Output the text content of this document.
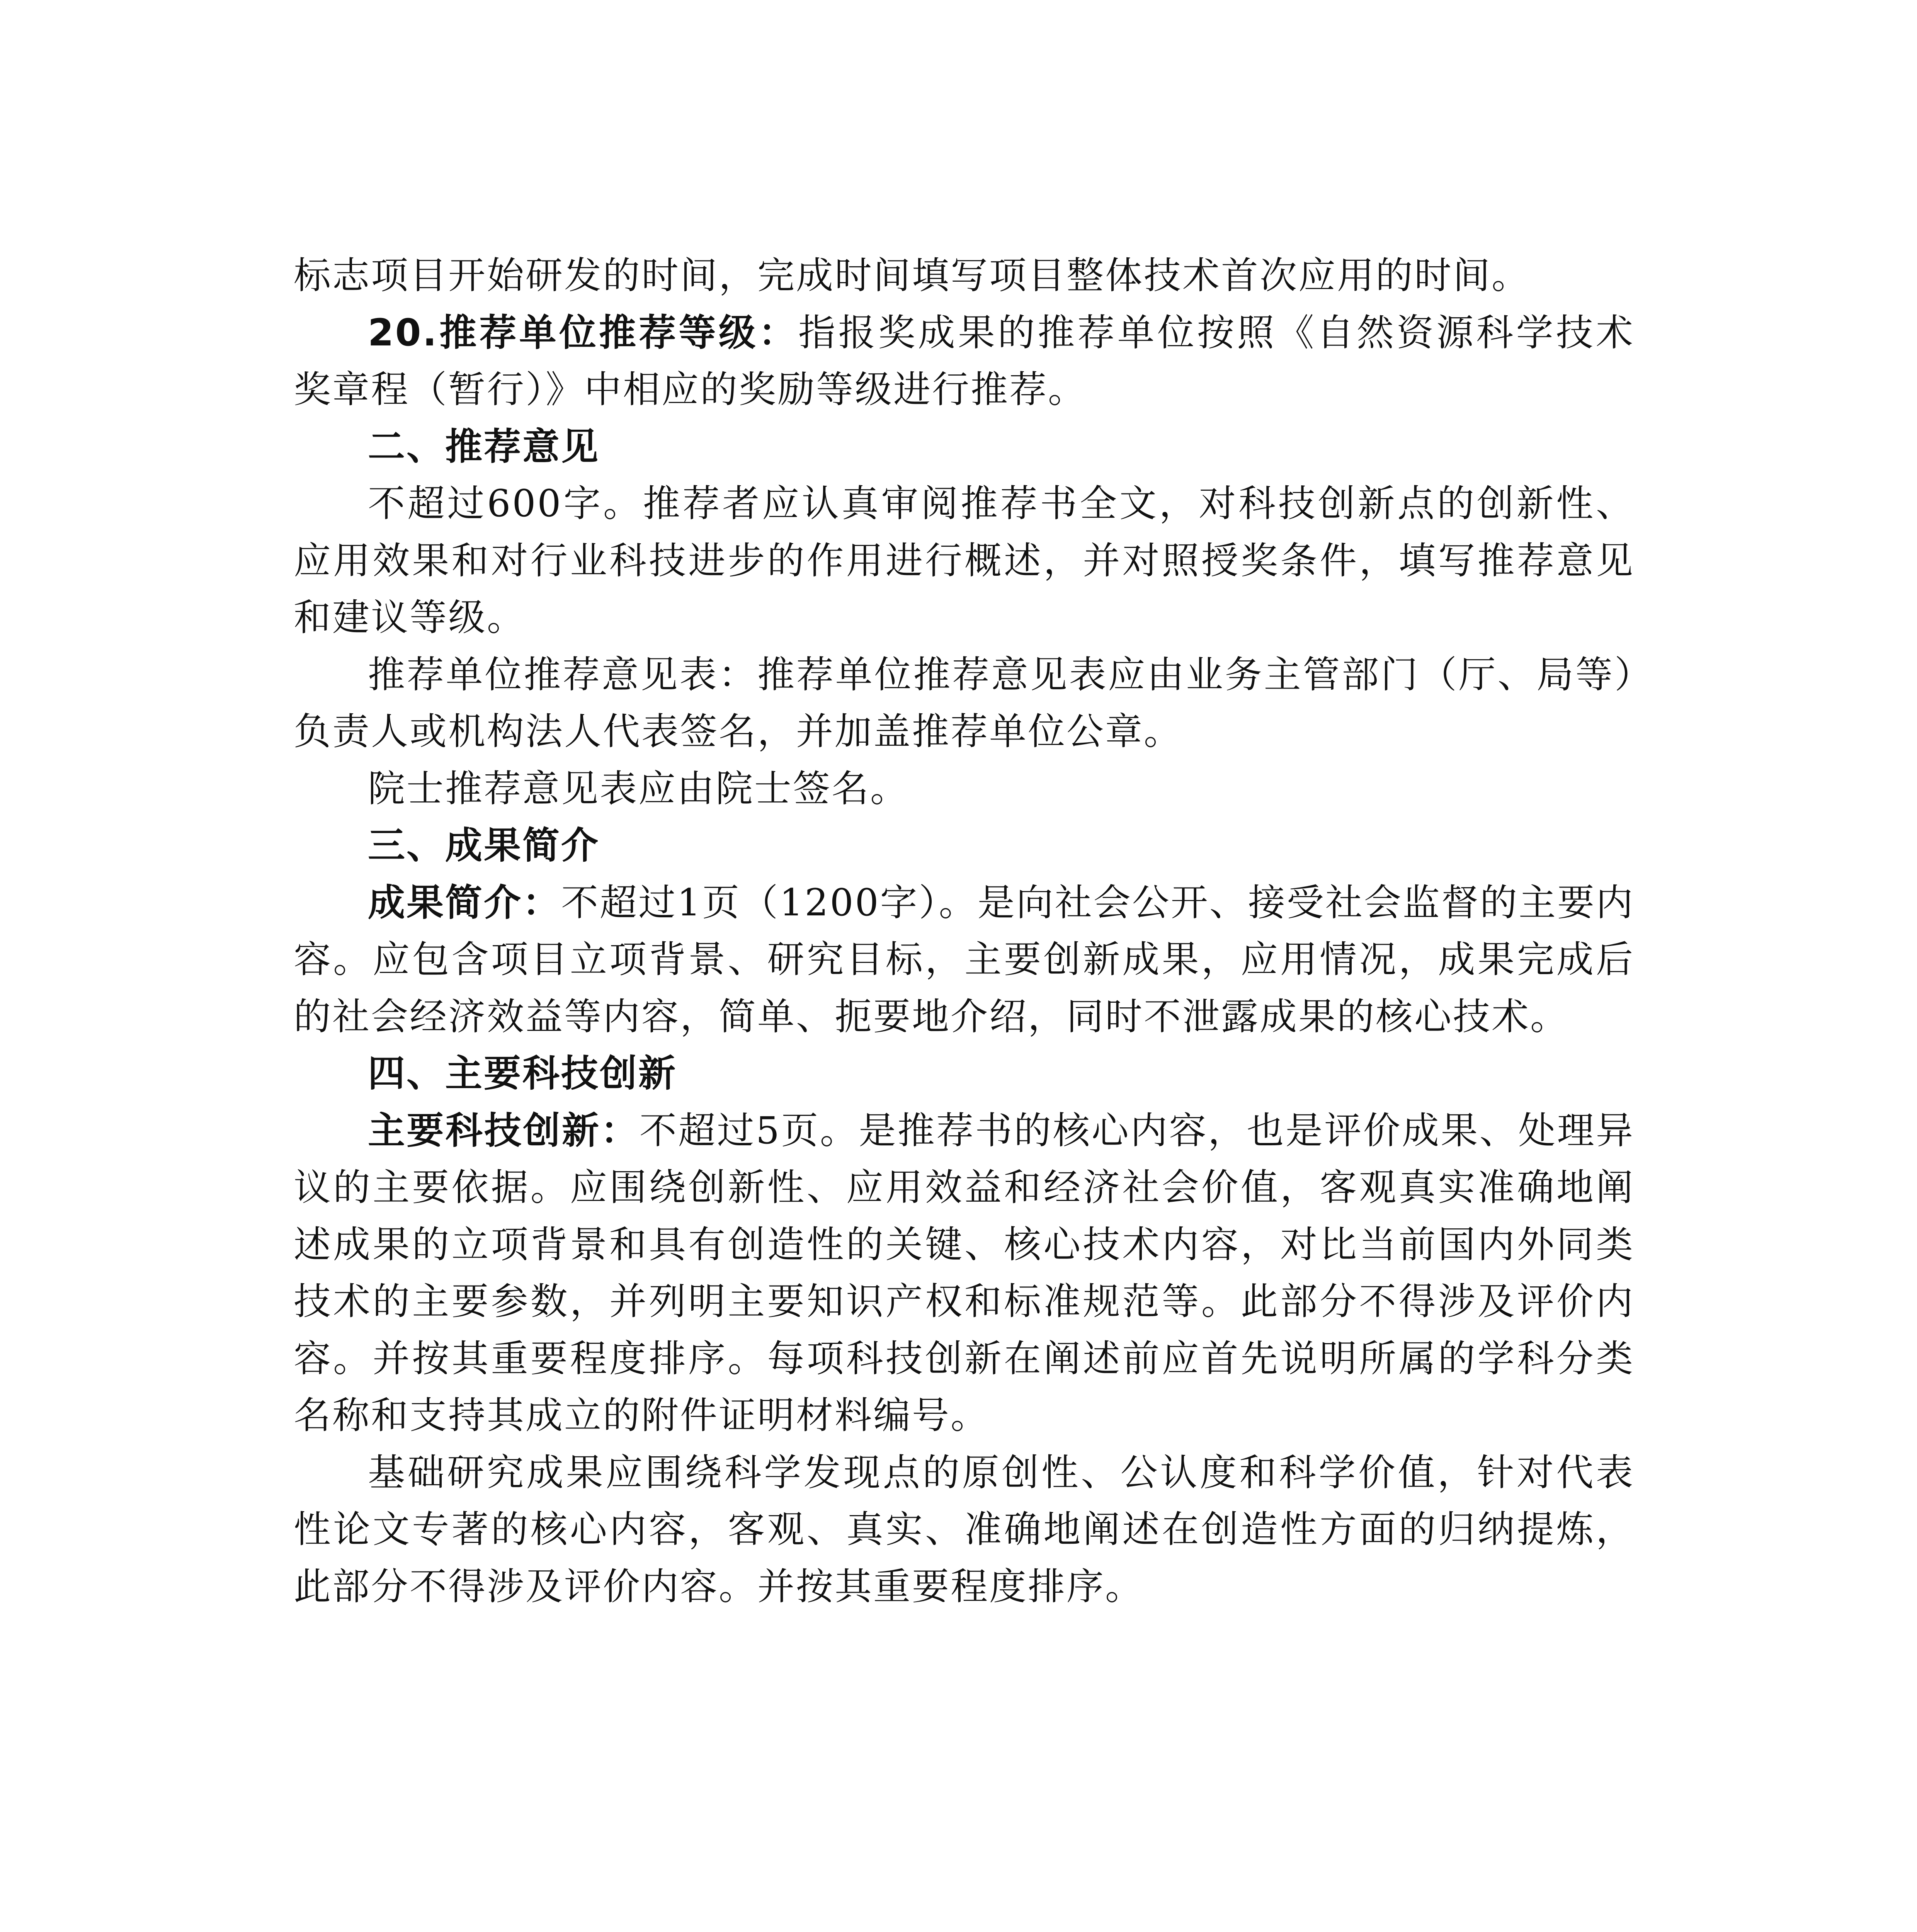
标志项目开始研发的时间，完成时间填写项目整体技术首次应用的时间。

20.推荐单位推荐等级：指报奖成果的推荐单位按照《自然资源科学技术奖章程（暂行）》中相应的奖励等级进行推荐。

二、推荐意见

不超过600字。推荐者应认真审阅推荐书全文，对科技创新点的创新性、应用效果和对行业科技进步的作用进行概述，并对照授奖条件，填写推荐意见和建议等级。

推荐单位推荐意见表：推荐单位推荐意见表应由业务主管部门（厅、局等）负责人或机构法人代表签名，并加盖推荐单位公章。

院士推荐意见表应由院士签名。

三、成果简介

成果简介：不超过1页（1200字）。是向社会公开、接受社会监督的主要内容。应包含项目立项背景、研究目标，主要创新成果，应用情况，成果完成后的社会经济效益等内容，简单、扼要地介绍，同时不泄露成果的核心技术。

四、主要科技创新

主要科技创新：不超过5页。是推荐书的核心内容，也是评价成果、处理异议的主要依据。应围绕创新性、应用效益和经济社会价值，客观真实准确地阐述成果的立项背景和具有创造性的关键、核心技术内容，对比当前国内外同类技术的主要参数，并列明主要知识产权和标准规范等。此部分不得涉及评价内容。并按其重要程度排序。每项科技创新在阐述前应首先说明所属的学科分类名称和支持其成立的附件证明材料编号。

基础研究成果应围绕科学发现点的原创性、公认度和科学价值，针对代表性论文专著的核心内容，客观、真实、准确地阐述在创造性方面的归纳提炼，此部分不得涉及评价内容。并按其重要程度排序。
